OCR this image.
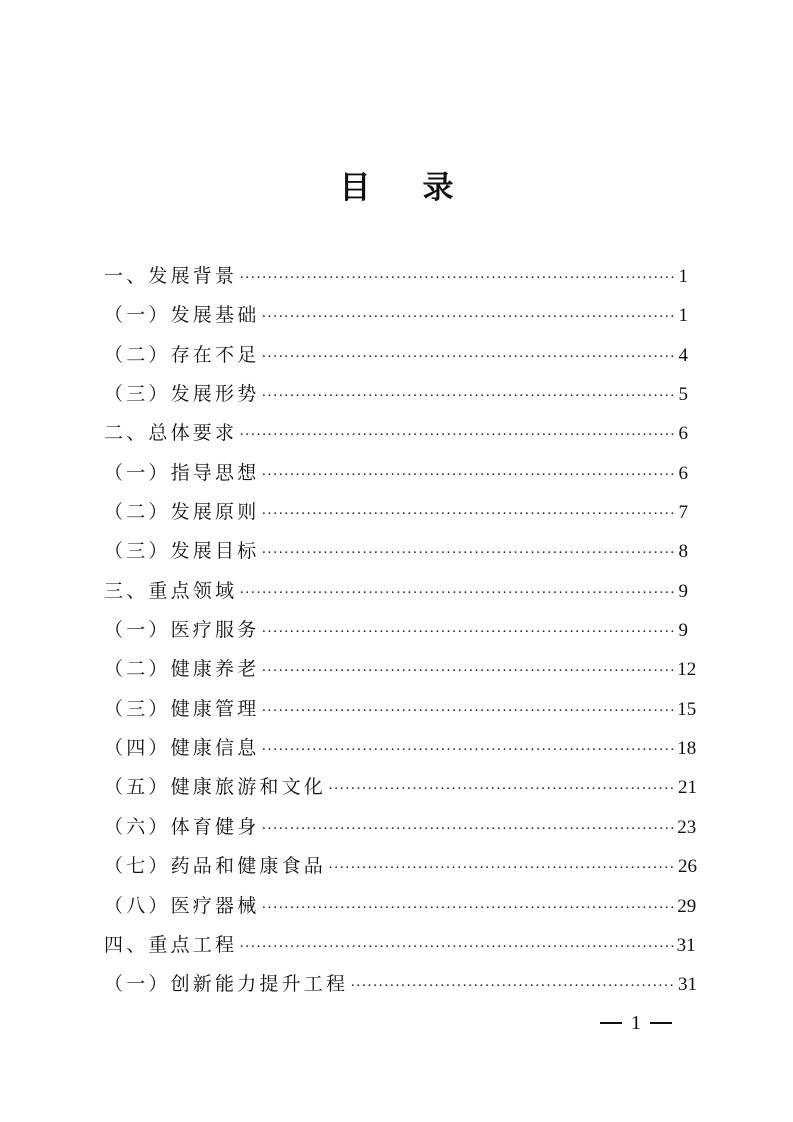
目录
一、发展背景 ·····	1
（一）发展基础 ·····	1
（二）存在不足 ·····	4
（三）发展形势 ·····	5
二、总体要求 ·····	6
（一）指导思想 ·····	6
（二）发展原则 ·····	7
（三）发展目标 ·····	8
三、重点领域 ·····	9
（一）医疗服务 ·····	9
（二）健康养老 ·····	12
（三）健康管理 ·····	15
（四）健康信息 ·····	18
（五）健康旅游和文化 ·····	21
（六）体育健身 ·····	23
（七）药品和健康食品 ·····	26
（八）医疗器械 ·····	29
四、重点工程 ·····	31
（一）创新能力提升工程 ·····	31
1
